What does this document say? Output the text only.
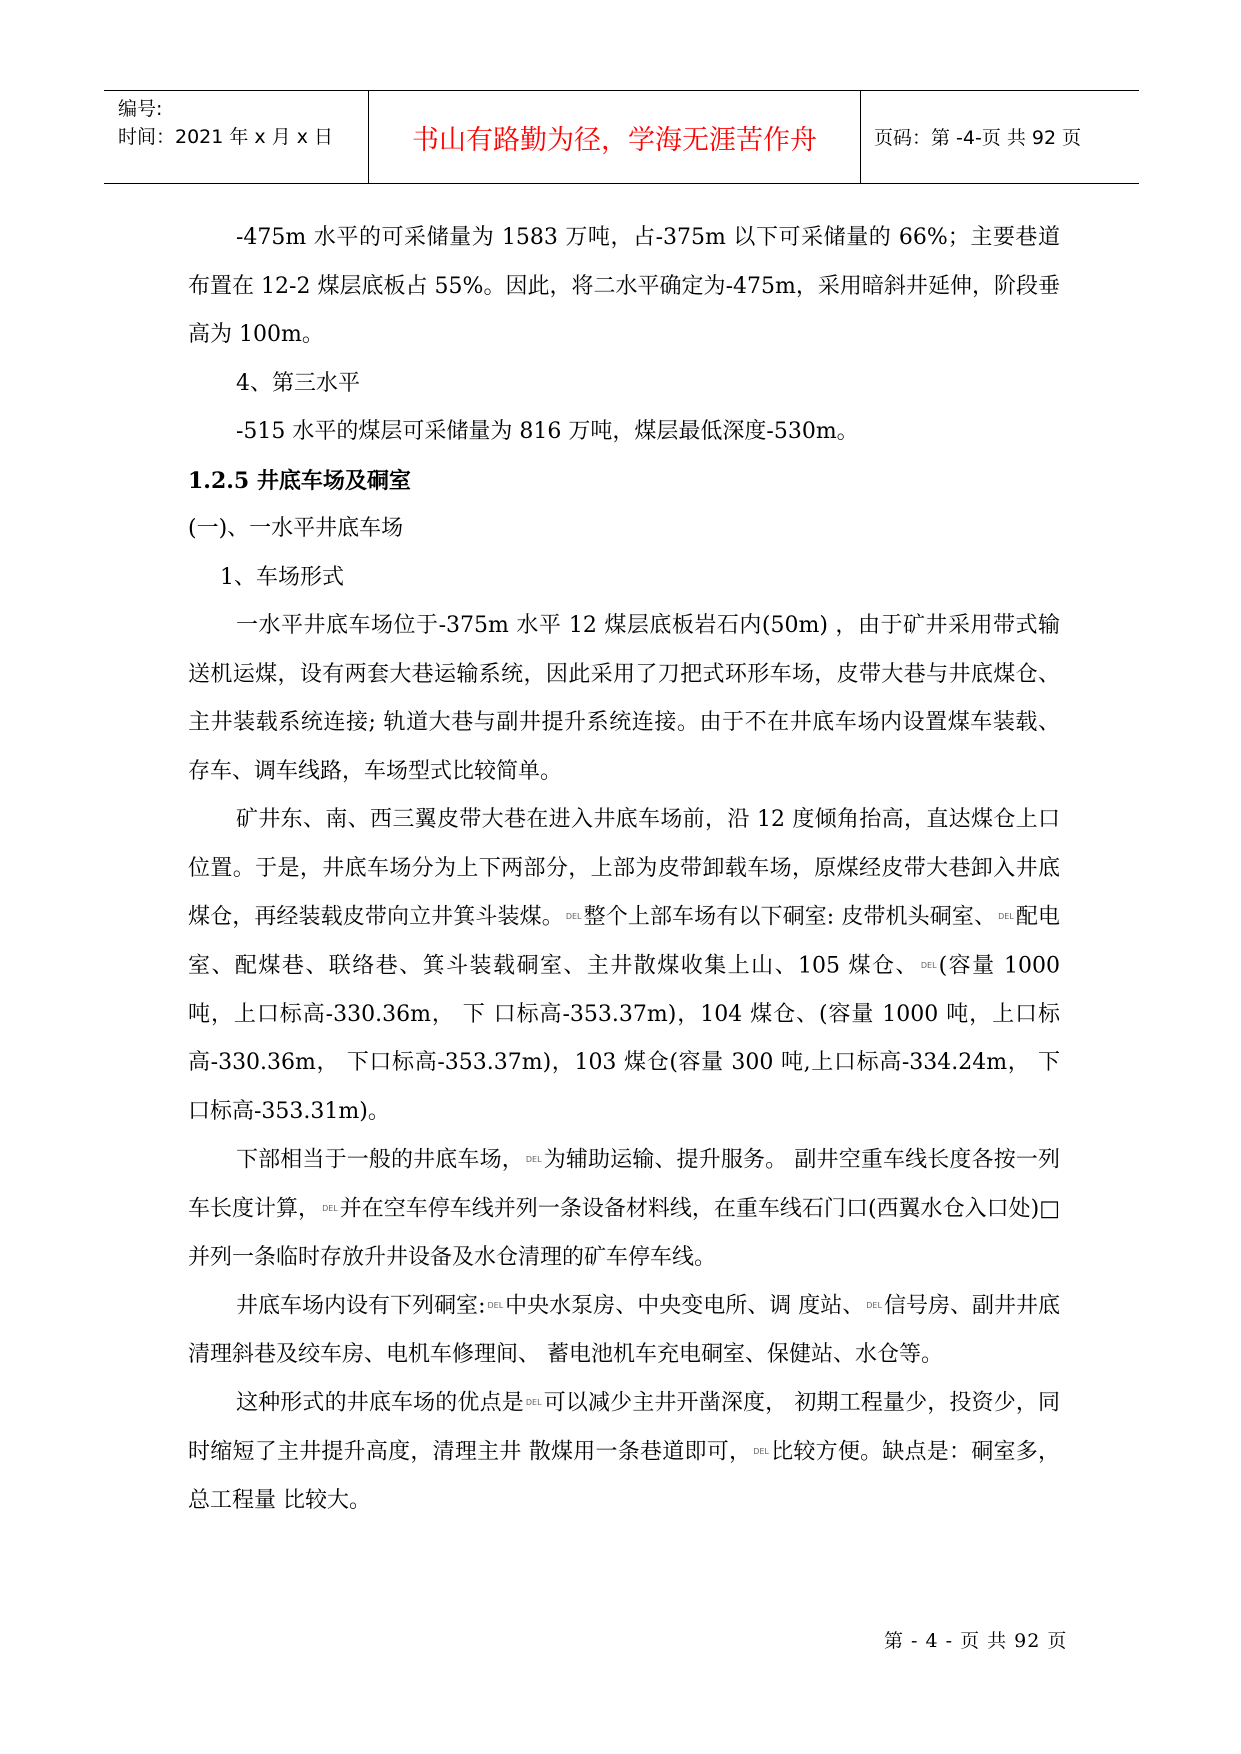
编号:
时间：2021 年 x 月 x 日	书山有路勤为径，学海无涯苦作舟	页码：第 -4-页 共 92 页

-475m 水平的可采储量为 1583 万吨，占-375m 以下可采储量的 66%；主要巷道布置在 12-2 煤层底板占 55%。因此，将二水平确定为-475m，采用暗斜井延伸，阶段垂高为 100m。

4、第三水平

-515 水平的煤层可采储量为 816 万吨，煤层最低深度-530m。

1.2.5 井底车场及硐室

(一)、一水平井底车场

1、车场形式

一水平井底车场位于-375m 水平 12 煤层底板岩石内(50m) ，由于矿井采用带式输送机运煤，设有两套大巷运输系统，因此采用了刀把式环形车场，皮带大巷与井底煤仓、主井装载系统连接; 轨道大巷与副井提升系统连接。由于不在井底车场内设置煤车装载、存车、调车线路，车场型式比较简单。

矿井东、南、西三翼皮带大巷在进入井底车场前，沿 12 度倾角抬高，直达煤仓上口位置。于是，井底车场分为上下两部分，上部为皮带卸载车场，原煤经皮带大巷卸入井底煤仓，再经装载皮带向立井箕斗装煤。 DEL整个上部车场有以下硐室: 皮带机头硐室、 DEL配电室、配煤巷、联络巷、箕斗装载硐室、主井散煤收集上山、105 煤仓、 DEL(容量 1000 吨，上口标高-330.36m， 下 口标高-353.37m)，104 煤仓、(容量 1000 吨，上口标高-330.36m， 下口标高-353.37m)，103 煤仓(容量 300 吨,上口标高-334.24m， 下口标高-353.31m)。

下部相当于一般的井底车场， DEL为辅助运输、提升服务。 副井空重车线长度各按一列车长度计算， DEL并在空车停车线并列一条设备材料线，在重车线石门口(西翼水仓入口处)□并列一条临时存放升井设备及水仓清理的矿车停车线。

井底车场内设有下列硐室: DEL中央水泵房、中央变电所、调 度站、 DEL信号房、副井井底清理斜巷及绞车房、电机车修理间、 蓄电池机车充电硐室、保健站、水仓等。

这种形式的井底车场的优点是 DEL可以减少主井开凿深度， 初期工程量少，投资少，同时缩短了主井提升高度，清理主井 散煤用一条巷道即可， DEL比较方便。缺点是：硐室多，总工程量 比较大。

第 - 4 - 页 共 92 页
